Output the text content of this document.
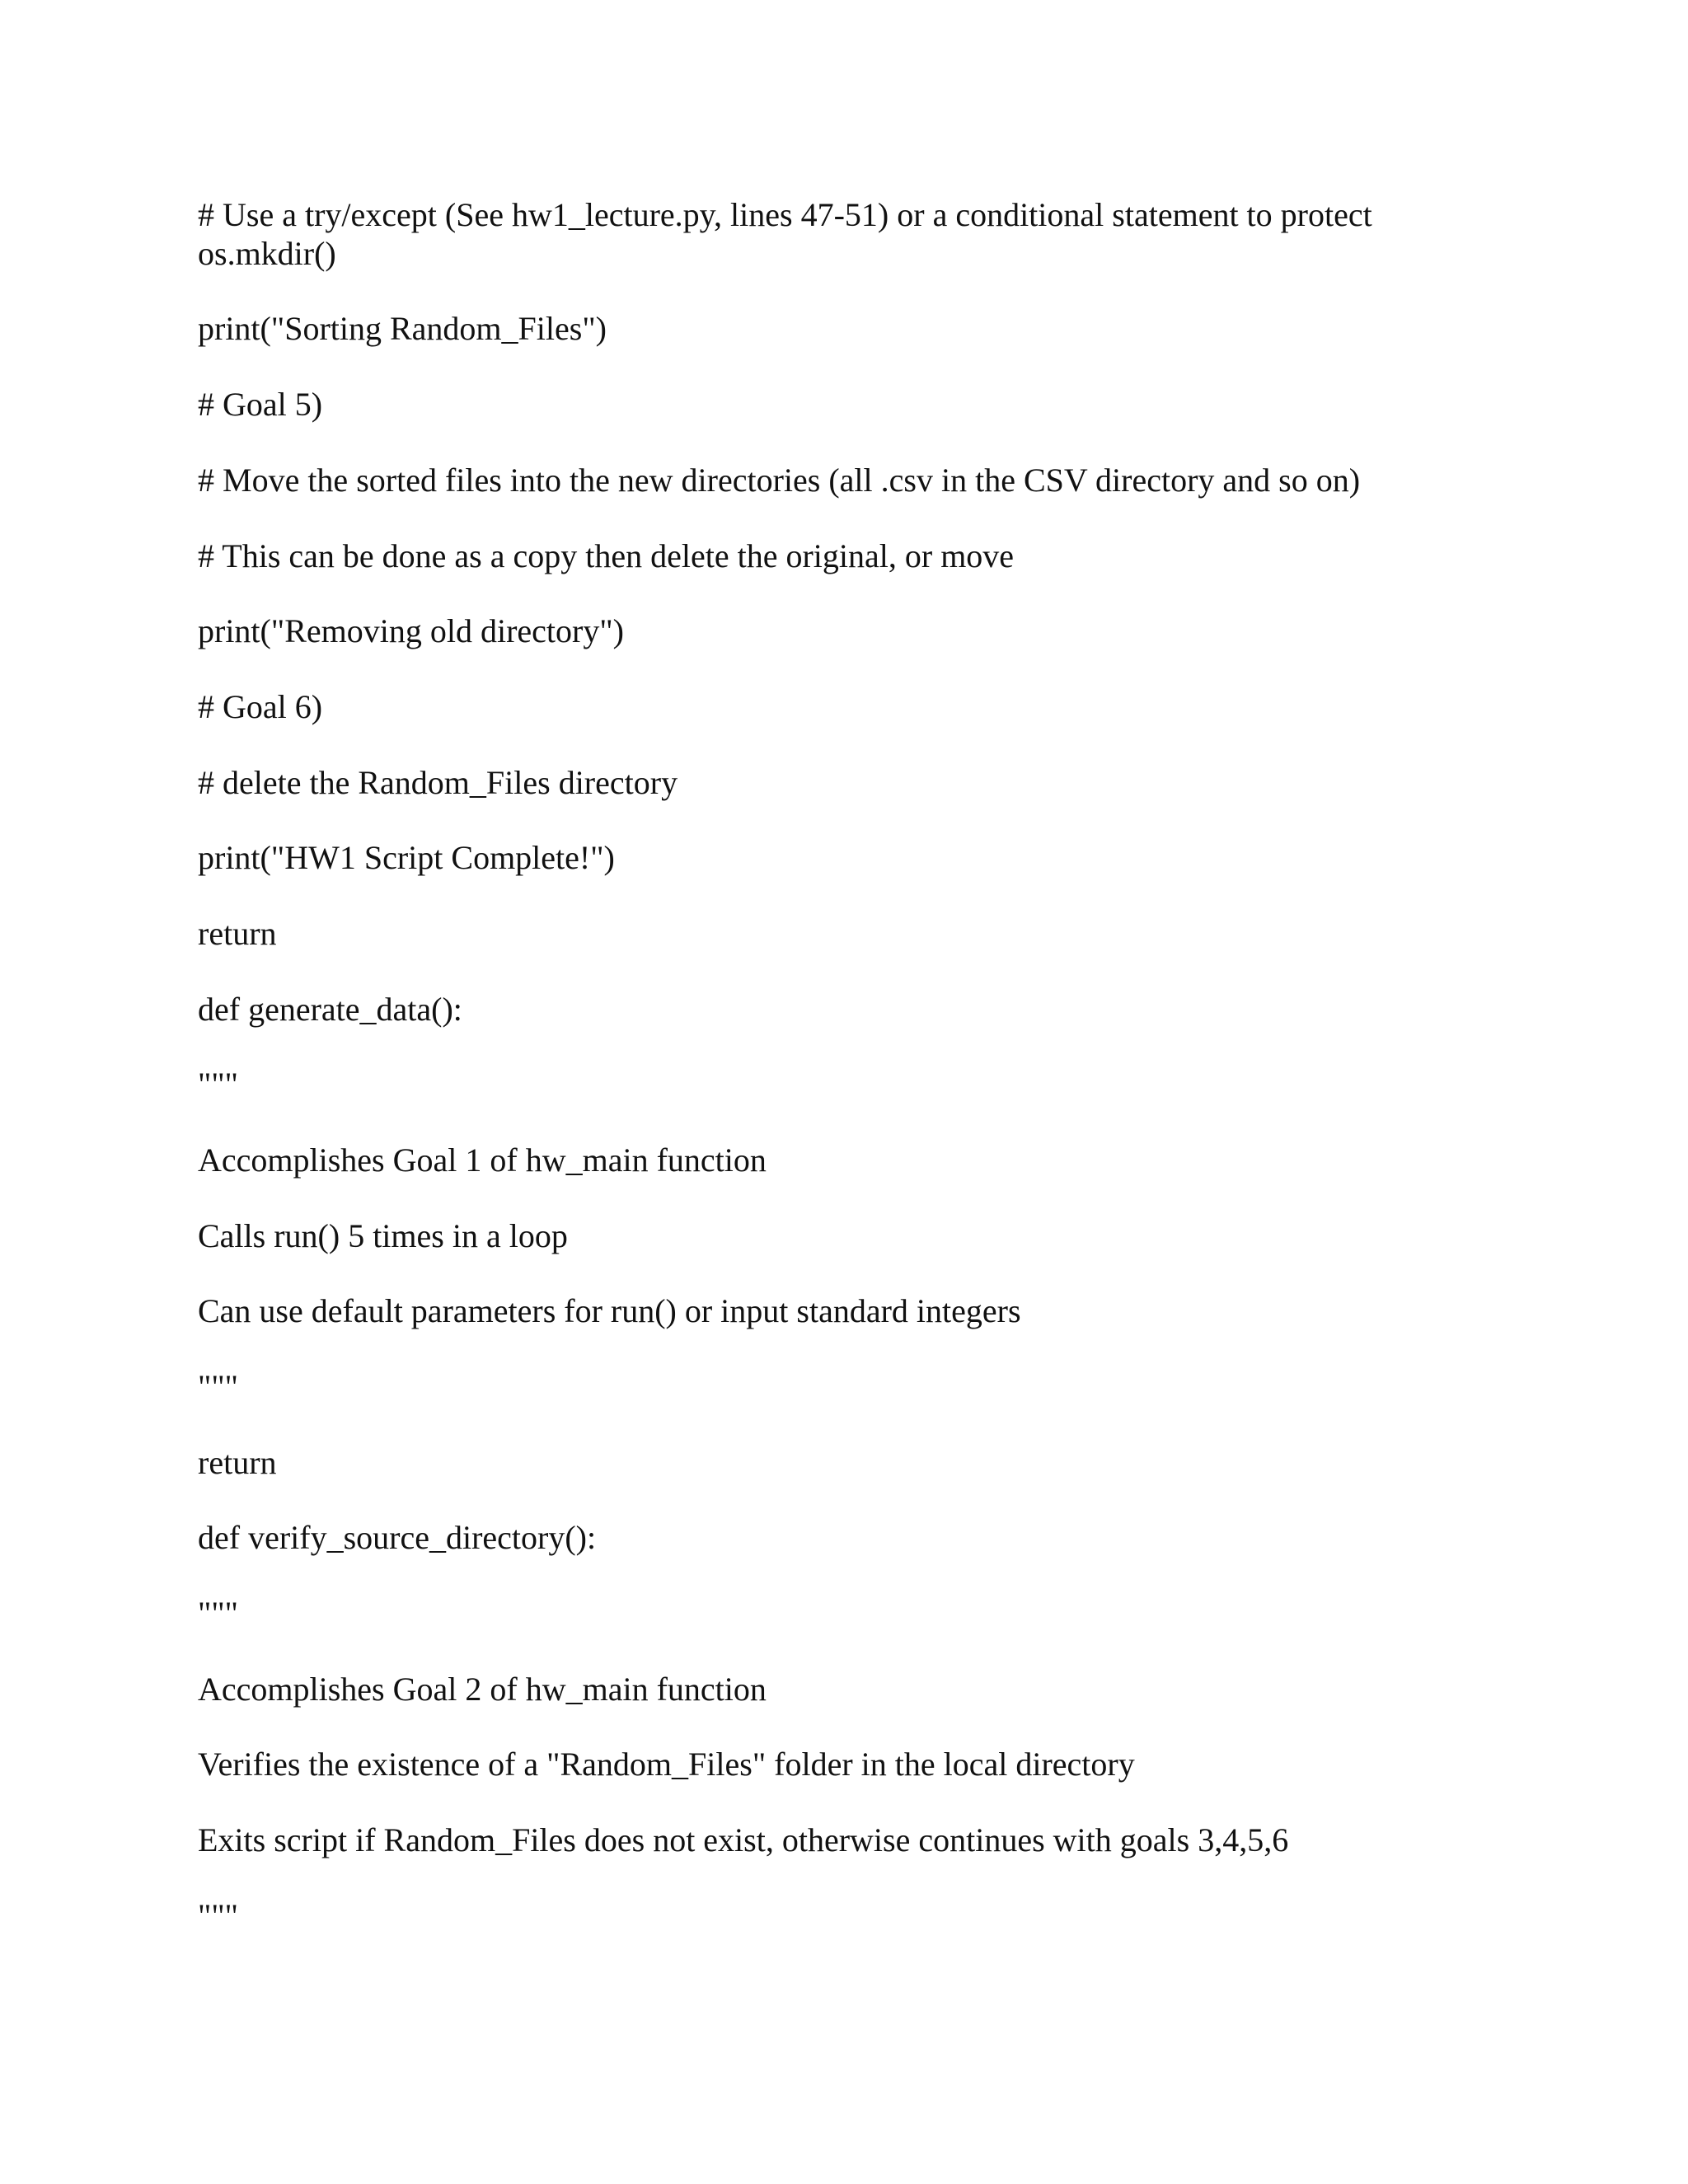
# Use a try/except (See hw1_lecture.py, lines 47-51) or a conditional statement to protect
os.mkdir()
print("Sorting Random_Files")
# Goal 5)
# Move the sorted files into the new directories (all .csv in the CSV directory and so on)
# This can be done as a copy then delete the original, or move
print("Removing old directory")
# Goal 6)
# delete the Random_Files directory
print("HW1 Script Complete!")
return
def generate_data():
"""
Accomplishes Goal 1 of hw_main function
Calls run() 5 times in a loop
Can use default parameters for run() or input standard integers
"""
return
def verify_source_directory():
"""
Accomplishes Goal 2 of hw_main function
Verifies the existence of a "Random_Files" folder in the local directory
Exits script if Random_Files does not exist, otherwise continues with goals 3,4,5,6
"""
